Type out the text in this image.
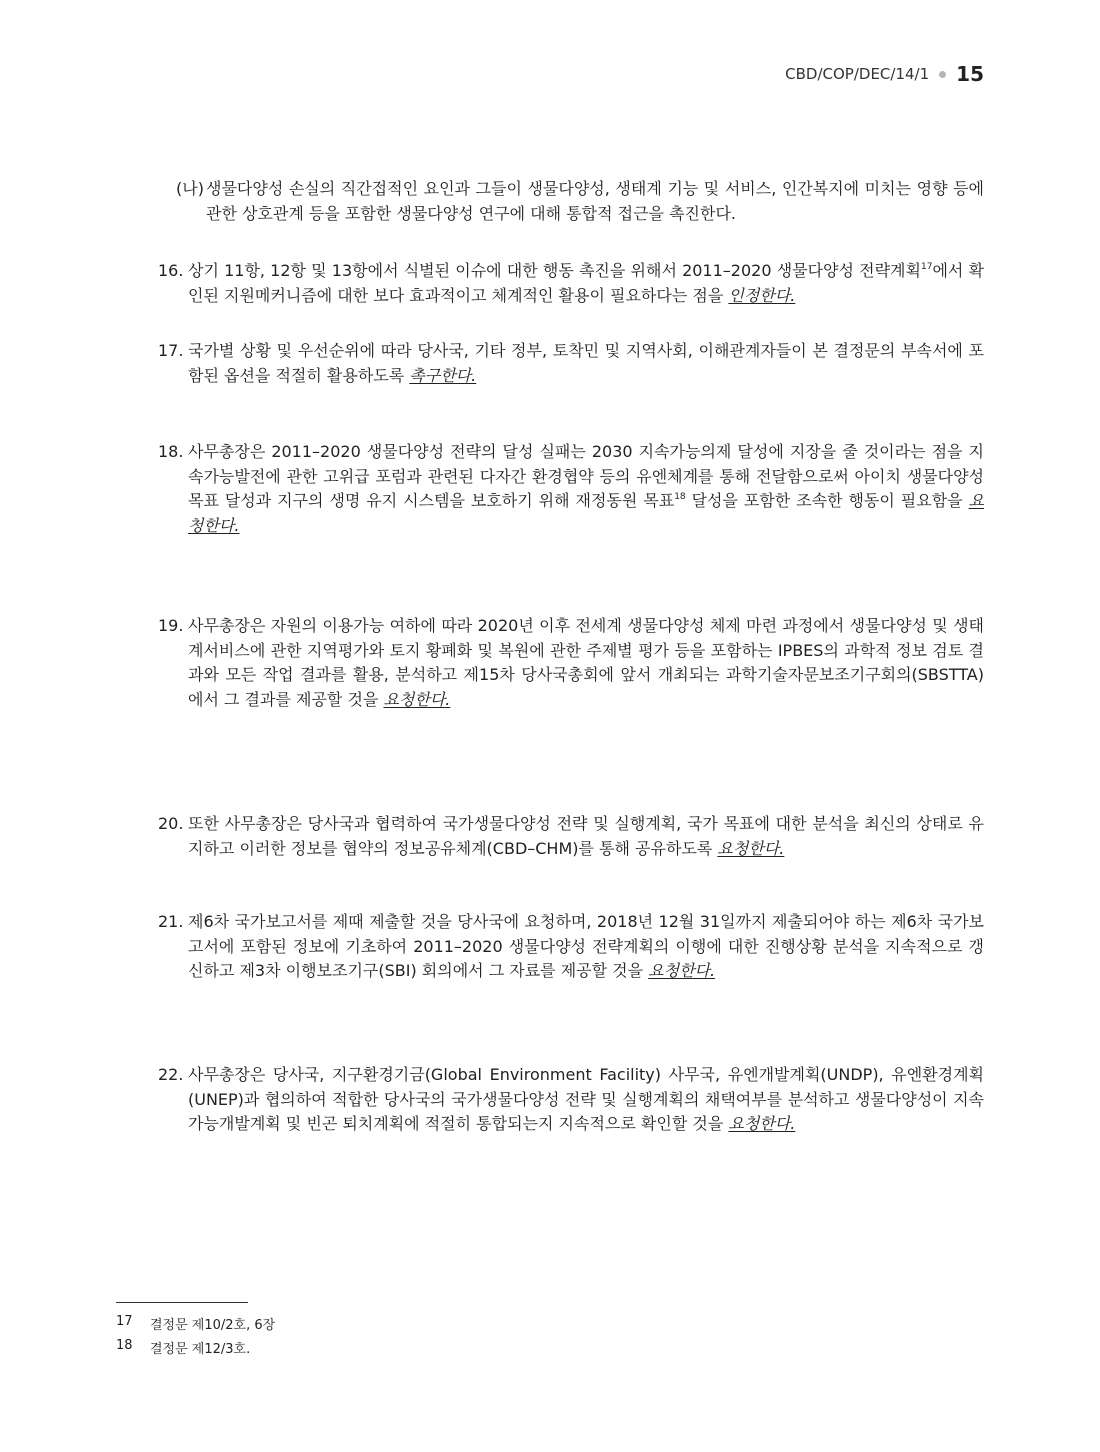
CBD/COP/DEC/14/1 15
(나) 생물다양성 손실의 직간접적인 요인과 그들이 생물다양성, 생태계 기능 및 서비스, 인간복지에 미치는 영향 등에 관한 상호관계 등을 포함한 생물다양성 연구에 대해 통합적 접근을 촉진한다.
16. 상기 11항, 12항 및 13항에서 식별된 이슈에 대한 행동 촉진을 위해서 2011–2020 생물다양성 전략계획$^{17}$에서 확인된 지원메커니즘에 대한 보다 효과적이고 체계적인 활용이 필요하다는 점을 인정한다.
17. 국가별 상황 및 우선순위에 따라 당사국, 기타 정부, 토착민 및 지역사회, 이해관계자들이 본 결정문의 부속서에 포함된 옵션을 적절히 활용하도록 촉구한다.
18. 사무총장은 2011–2020 생물다양성 전략의 달성 실패는 2030 지속가능의제 달성에 지장을 줄 것이라는 점을 지속가능발전에 관한 고위급 포럼과 관련된 다자간 환경협약 등의 유엔체계를 통해 전달함으로써 아이치 생물다양성 목표 달성과 지구의 생명 유지 시스템을 보호하기 위해 재정동원 목표$^{18}$ 달성을 포함한 조속한 행동이 필요함을 요청한다.
19. 사무총장은 자원의 이용가능 여하에 따라 2020년 이후 전세계 생물다양성 체제 마련 과정에서 생물다양성 및 생태계서비스에 관한 지역평가와 토지 황폐화 및 복원에 관한 주제별 평가 등을 포함하는 IPBES의 과학적 정보 검토 결과와 모든 작업 결과를 활용, 분석하고 제15차 당사국총회에 앞서 개최되는 과학기술자문보조기구회의(SBSTTA)에서 그 결과를 제공할 것을 요청한다.
20. 또한 사무총장은 당사국과 협력하여 국가생물다양성 전략 및 실행계획, 국가 목표에 대한 분석을 최신의 상태로 유지하고 이러한 정보를 협약의 정보공유체계(CBD–CHM)를 통해 공유하도록 요청한다.
21. 제6차 국가보고서를 제때 제출할 것을 당사국에 요청하며, 2018년 12월 31일까지 제출되어야 하는 제6차 국가보고서에 포함된 정보에 기초하여 2011–2020 생물다양성 전략계획의 이행에 대한 진행상황 분석을 지속적으로 갱신하고 제3차 이행보조기구(SBI) 회의에서 그 자료를 제공할 것을 요청한다.
22. 사무총장은 당사국, 지구환경기금(Global Environment Facility) 사무국, 유엔개발계획(UNDP), 유엔환경계획(UNEP)과 협의하여 적합한 당사국의 국가생물다양성 전략 및 실행계획의 채택여부를 분석하고 생물다양성이 지속가능개발계획 및 빈곤 퇴치계획에 적절히 통합되는지 지속적으로 확인할 것을 요청한다.
17	결정문 제10/2호, 6장
18	결정문 제12/3호.
